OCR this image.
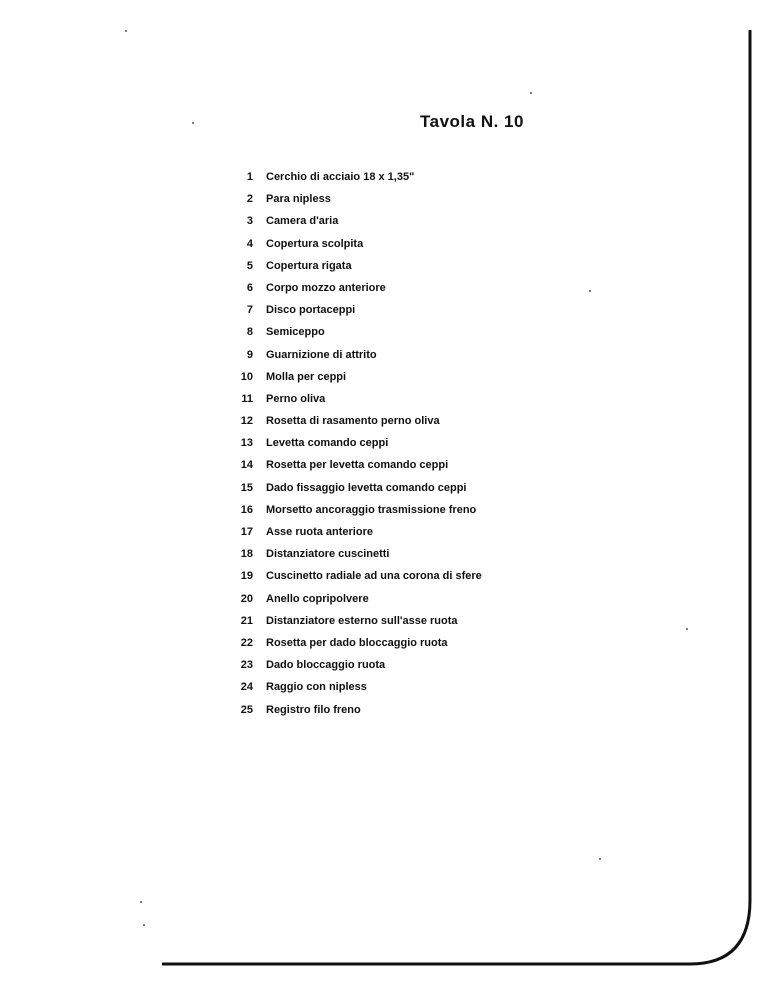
Tavola N. 10
1 Cerchio di acciaio 18 x 1,35"
2 Para nipless
3 Camera d'aria
4 Copertura scolpita
5 Copertura rigata
6 Corpo mozzo anteriore
7 Disco portaceppi
8 Semiceppo
9 Guarnizione di attrito
10 Molla per ceppi
11 Perno oliva
12 Rosetta di rasamento perno oliva
13 Levetta comando ceppi
14 Rosetta per levetta comando ceppi
15 Dado fissaggio levetta comando ceppi
16 Morsetto ancoraggio trasmissione freno
17 Asse ruota anteriore
18 Distanziatore cuscinetti
19 Cuscinetto radiale ad una corona di sfere
20 Anello copripolvere
21 Distanziatore esterno sull'asse ruota
22 Rosetta per dado bloccaggio ruota
23 Dado bloccaggio ruota
24 Raggio con nipless
25 Registro filo freno
